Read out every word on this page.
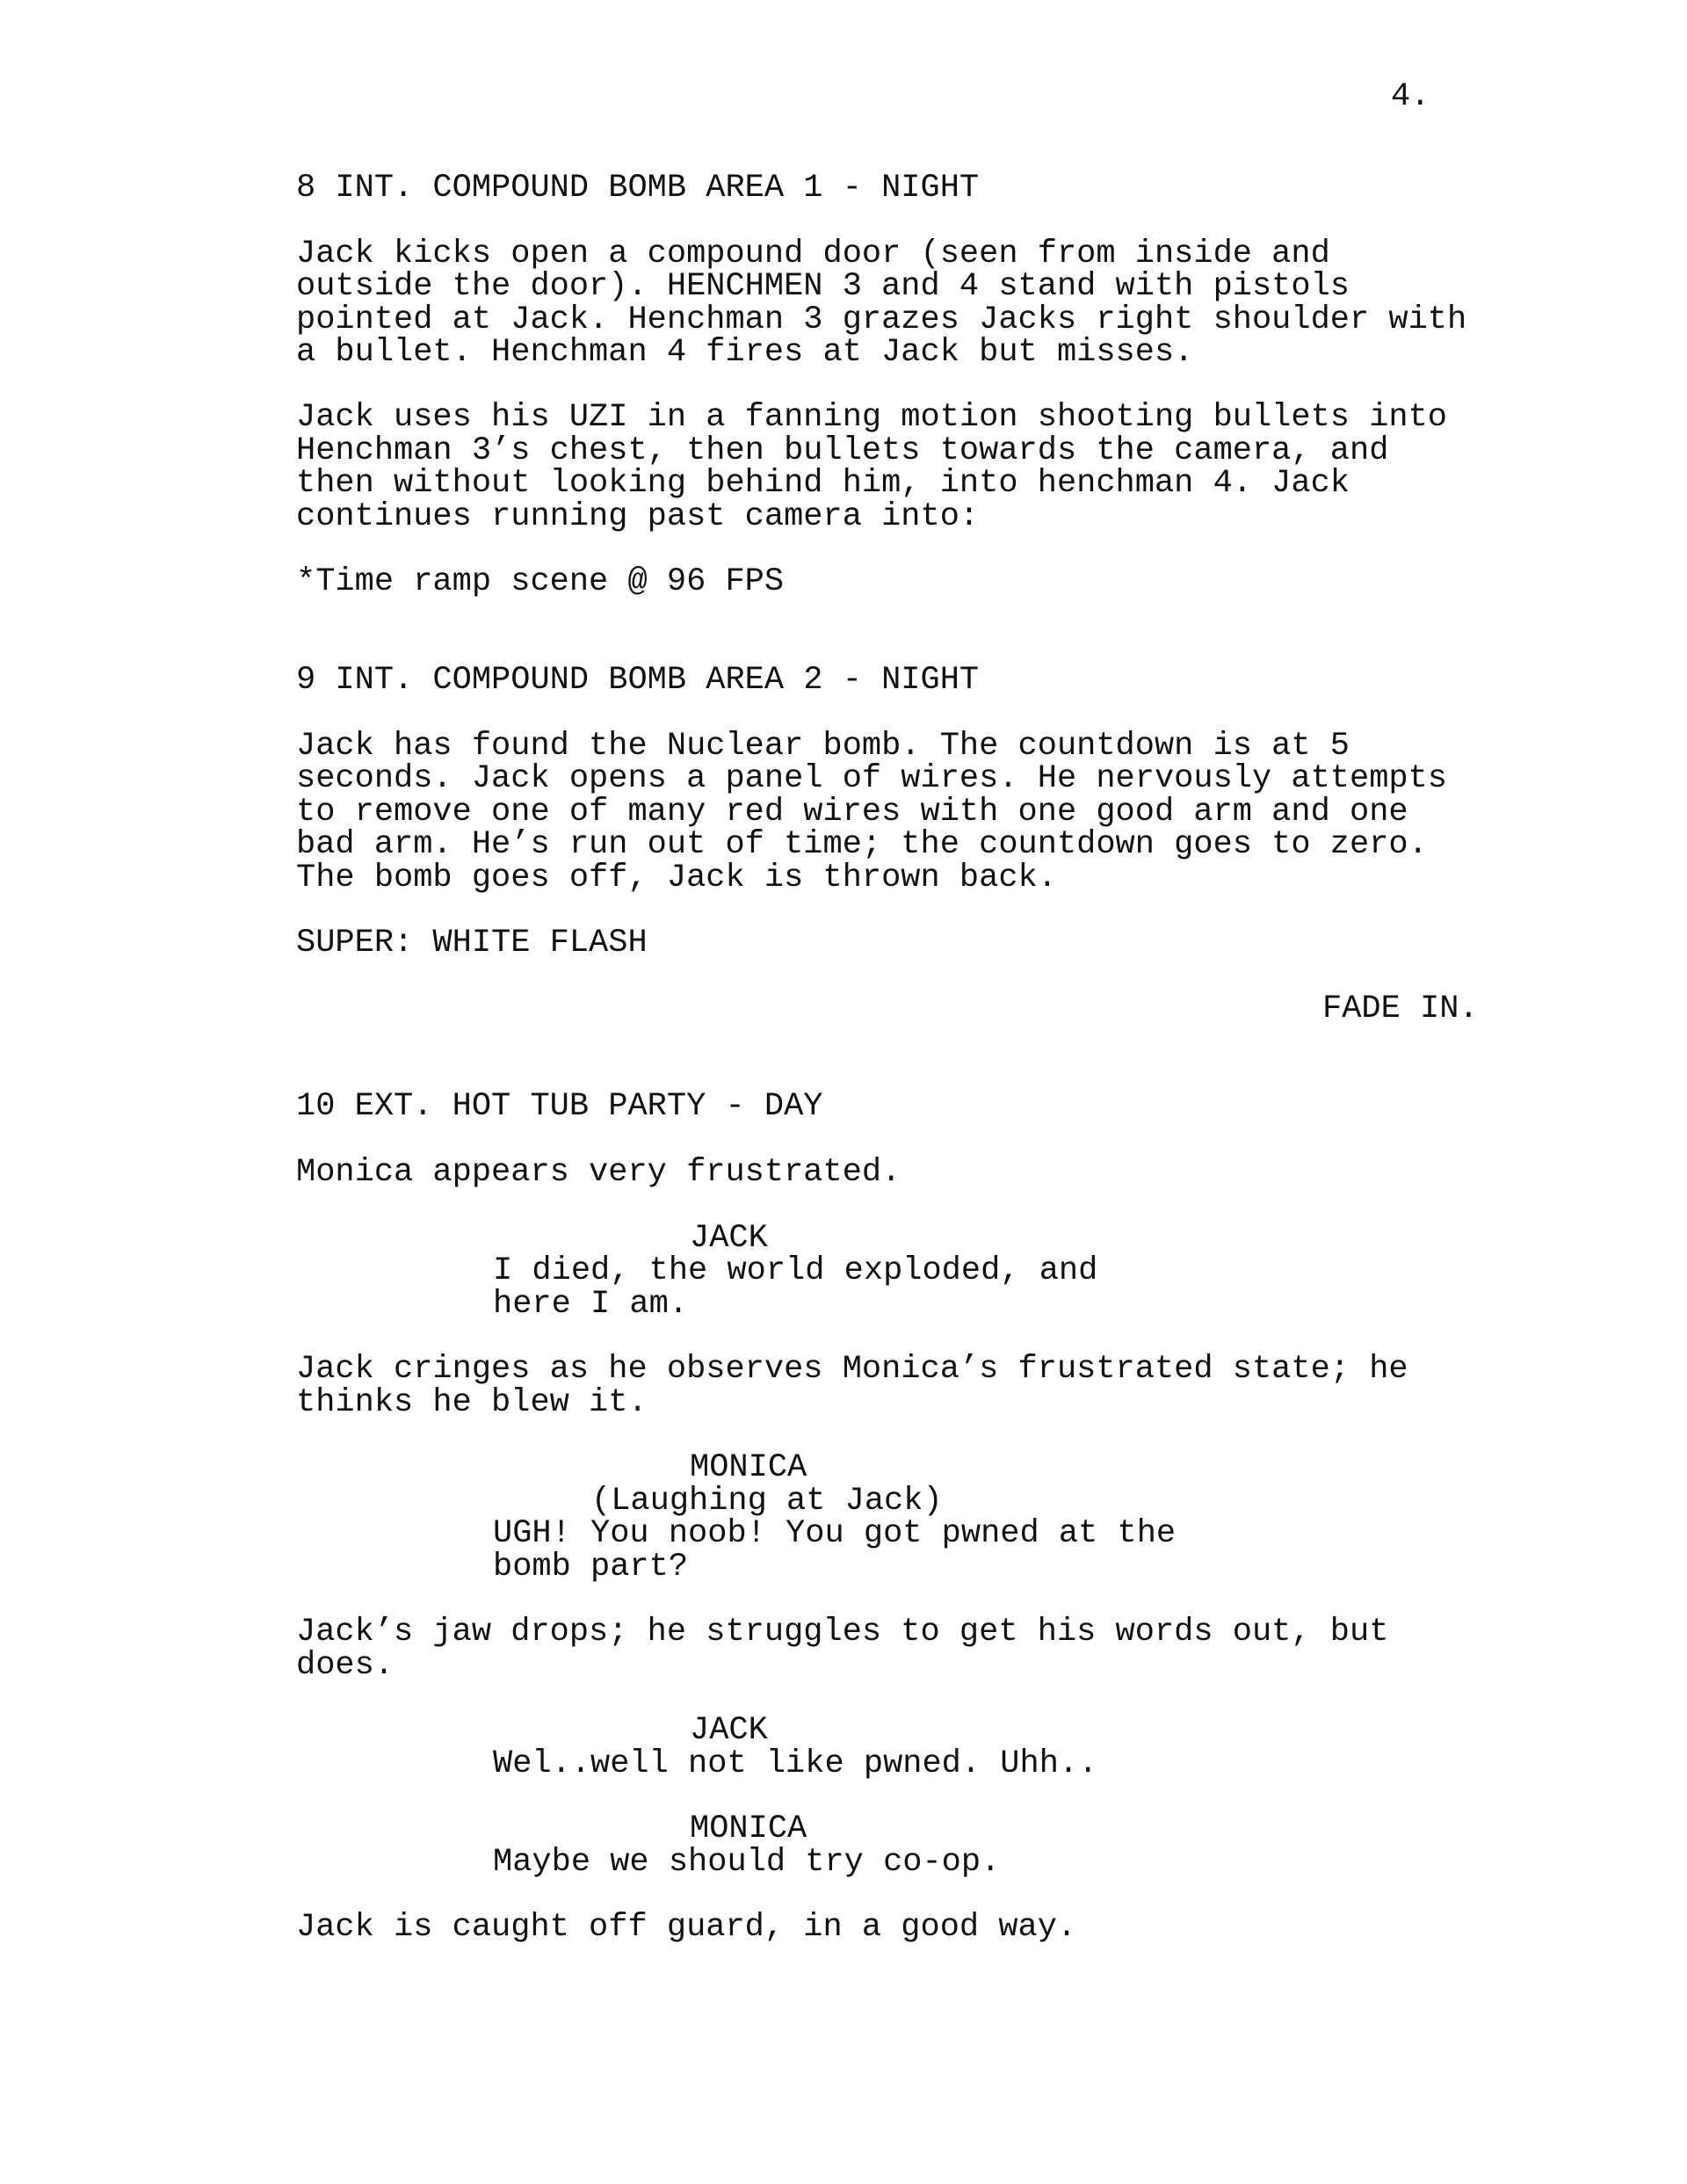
4.
8 INT. COMPOUND BOMB AREA 1 - NIGHT
Jack kicks open a compound door (seen from inside and
outside the door). HENCHMEN 3 and 4 stand with pistols
pointed at Jack. Henchman 3 grazes Jacks right shoulder with
a bullet. Henchman 4 fires at Jack but misses.
Jack uses his UZI in a fanning motion shooting bullets into
Henchman 3’s chest, then bullets towards the camera, and
then without looking behind him, into henchman 4. Jack
continues running past camera into:
*Time ramp scene @ 96 FPS
9 INT. COMPOUND BOMB AREA 2 - NIGHT
Jack has found the Nuclear bomb. The countdown is at 5
seconds. Jack opens a panel of wires. He nervously attempts
to remove one of many red wires with one good arm and one
bad arm. He’s run out of time; the countdown goes to zero.
The bomb goes off, Jack is thrown back.
SUPER: WHITE FLASH
FADE IN.
10 EXT. HOT TUB PARTY - DAY
Monica appears very frustrated.
JACK
I died, the world exploded, and
here I am.
Jack cringes as he observes Monica’s frustrated state; he
thinks he blew it.
MONICA
(Laughing at Jack)
UGH! You noob! You got pwned at the
bomb part?
Jack’s jaw drops; he struggles to get his words out, but
does.
JACK
Wel..well not like pwned. Uhh..
MONICA
Maybe we should try co-op.
Jack is caught off guard, in a good way.
